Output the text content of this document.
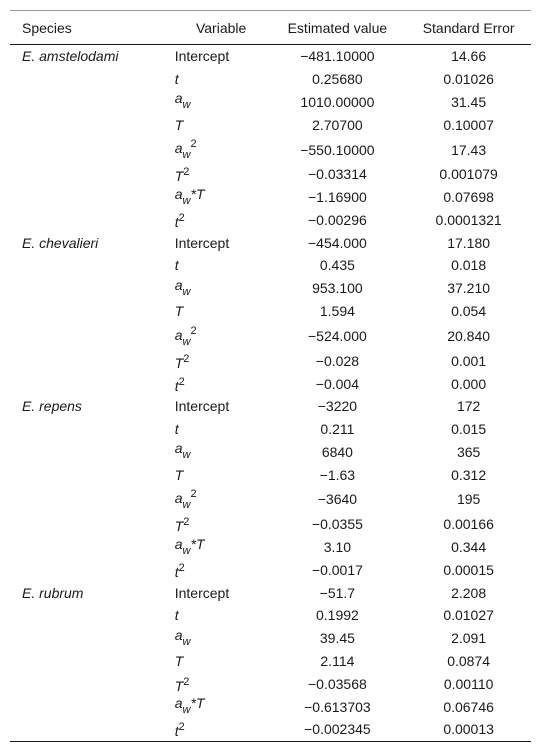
Species	Variable	Estimated value	Standard Error
E. amstelodami	Intercept	−481.10000	14.66
	t	0.25680	0.01026
	$a_w$	1010.00000	31.45
	T	2.70700	0.10007
	$a_w^2$	−550.10000	17.43
	$T^2$	−0.03314	0.001079
	$a_w*T$	−1.16900	0.07698
	$t^2$	−0.00296	0.0001321
E. chevalieri	Intercept	−454.000	17.180
	t	0.435	0.018
	$a_w$	953.100	37.210
	T	1.594	0.054
	$a_w^2$	−524.000	20.840
	$T^2$	−0.028	0.001
	$t^2$	−0.004	0.000
E. repens	Intercept	−3220	172
	t	0.211	0.015
	$a_w$	6840	365
	T	−1.63	0.312
	$a_w^2$	−3640	195
	$T^2$	−0.0355	0.00166
	$a_w*T$	3.10	0.344
	$t^2$	−0.0017	0.00015
E. rubrum	Intercept	−51.7	2.208
	t	0.1992	0.01027
	$a_w$	39.45	2.091
	T	2.114	0.0874
	$T^2$	−0.03568	0.00110
	$a_w*T$	−0.613703	0.06746
	$t^2$	−0.002345	0.00013
